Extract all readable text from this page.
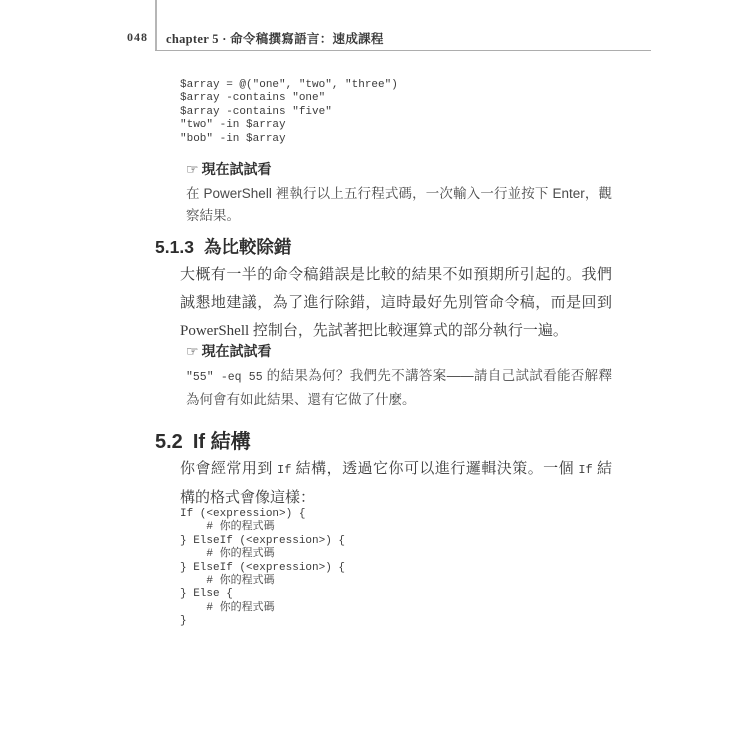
048 chapter 5 · 命令稿撰寫語言：速成課程
$array = @("one", "two", "three")
$array -contains "one"
$array -contains "five"
"two" -in $array
"bob" -in $array
☞ 現在試試看
在 PowerShell 裡執行以上五行程式碼，一次輸入一行並按下 Enter，觀察結果。
5.1.3 為比較除錯
大概有一半的命令稿錯誤是比較的結果不如預期所引起的。我們誠懇地建議，為了進行除錯，這時最好先別管命令稿，而是回到 PowerShell 控制台，先試著把比較運算式的部分執行一遍。
☞ 現在試試看
"55" -eq 55 的結果為何？我們先不講答案——請自己試試看能否解釋為何會有如此結果、還有它做了什麼。
5.2 If 結構
你會經常用到 If 結構，透過它你可以進行邏輯決策。一個 If 結構的格式會像這樣：
If (<expression>) {
# 你的程式碼
} ElseIf (<expression>) {
# 你的程式碼
} ElseIf (<expression>) {
# 你的程式碼
} Else {
# 你的程式碼
}
